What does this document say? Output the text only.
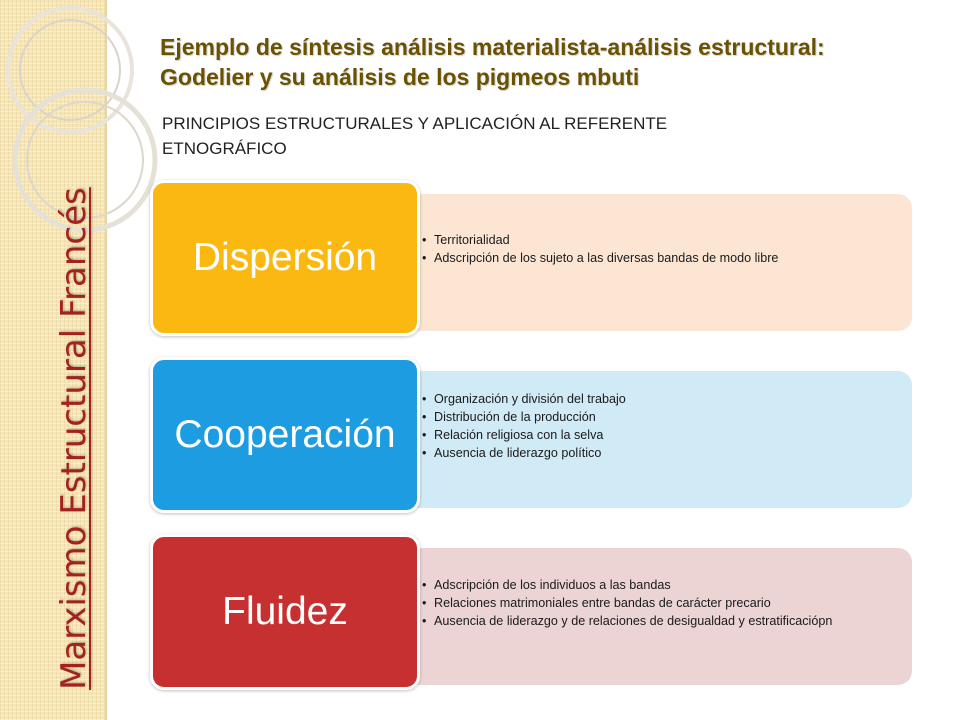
Marxismo Estructural Francés
Ejemplo de síntesis análisis materialista-análisis estructural:
Godelier y su análisis de los pigmeos mbuti
PRINCIPIOS ESTRUCTURALES Y APLICACIÓN AL REFERENTE
ETNOGRÁFICO
Dispersión
•	Territorialidad
• Adscripción de los sujeto a las diversas bandas de modo libre
Cooperación
• Organización y división del trabajo
• Distribución de la producción
• Relación religiosa con la selva
• Ausencia de liderazgo político
Fluidez
• Adscripción de los individuos a las bandas
• Relaciones matrimoniales entre bandas de carácter precario
• Ausencia de liderazgo y de relaciones de desigualdad y estratificaciópn
